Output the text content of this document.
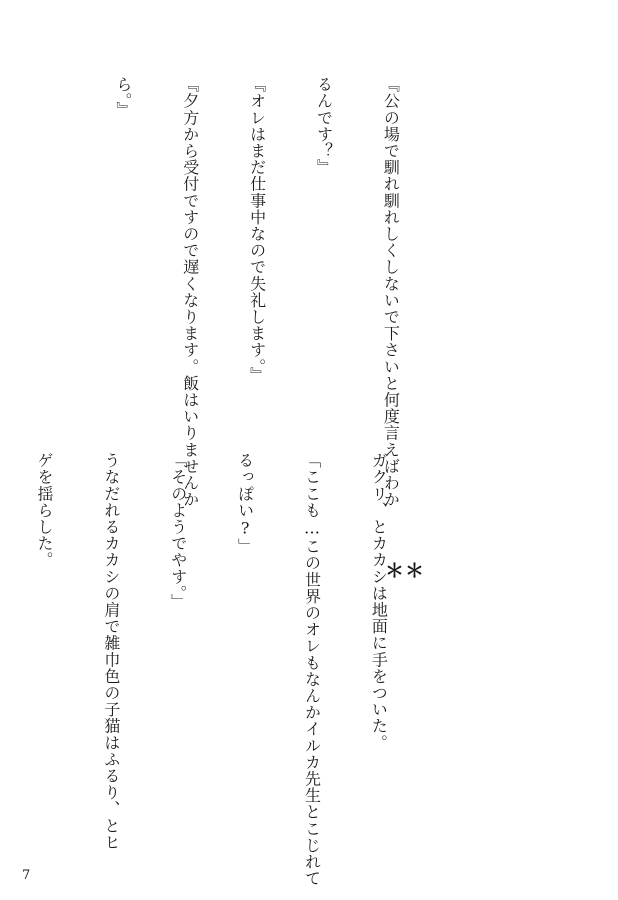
『公の場で馴れ馴れしくしないで下さいと何度言えばわか

るんです？』

『オレはまだ仕事中なので失礼します。』

『夕方から受付ですので遅くなります。飯はいりませんか

ら。』

ガクリ、とカカシは地面に手をついた。

「ここも…この世界のオレもなんかイルカ先生とこじれて

るっぽい?」

「そのようでやす。」

うなだれるカカシの肩で雑巾色の子猫はふるり、とヒ

ゲを揺らした。

＊＊
7
